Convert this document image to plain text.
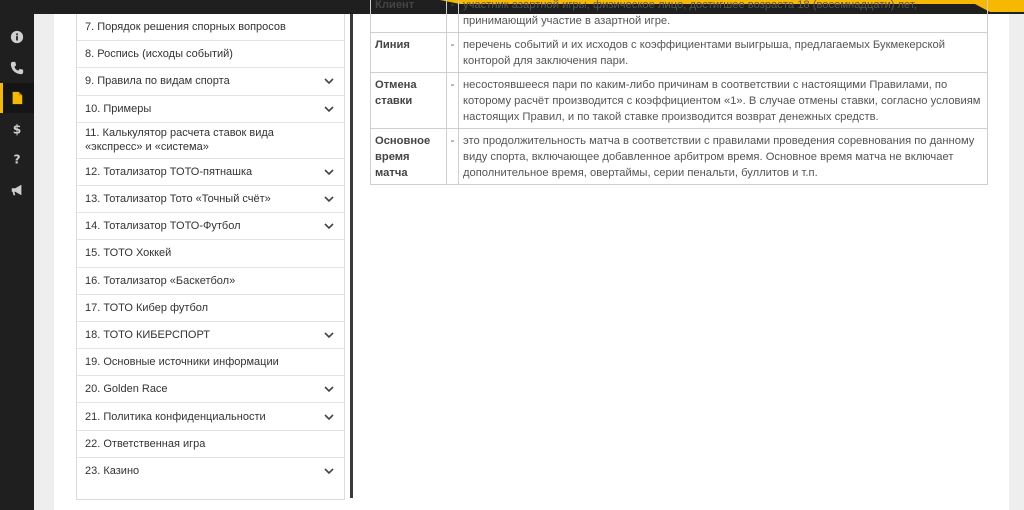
$
?
7. Порядок решения спорных вопросов
8. Роспись (исходы событий)
9. Правила по видам спорта
10. Примеры
11. Калькулятор расчета ставок вида «экспресс» и «система»
12. Тотализатор ТОТО-пятнашка
13. Тотализатор Тото «Точный счёт»
14. Тотализатор ТОТО-Футбол
15. ТОТО Хоккей
16. Тотализатор «Баскетбол»
17. ТОТО Кибер футбол
18. ТОТО КИБЕРСПОРТ
19. Основные источники информации
20. Golden Race
21. Политика конфиденциальности
22. Ответственная игра
23. Казино
Клиент	-	участник азартной игры, физическое лицо, достигшее возраста 18 (восемнадцати) лет, принимающий участие в азартной игре.
Линия	-	перечень событий и их исходов с коэффициентами выигрыша, предлагаемых Букмекерской конторой для заключения пари.
Отмена ставки	-	несостоявшееся пари по каким-либо причинам в соответствии с настоящими Правилами, по которому расчёт производится с коэффициентом «1». В случае отмены ставки, согласно условиям настоящих Правил, и по такой ставке производится возврат денежных средств.
Основное время матча	-	это продолжительность матча в соответствии с правилами проведения соревнования по данному виду спорта, включающее добавленное арбитром время. Основное время матча не включает дополнительное время, овертаймы, серии пенальти, буллитов и т.п.
